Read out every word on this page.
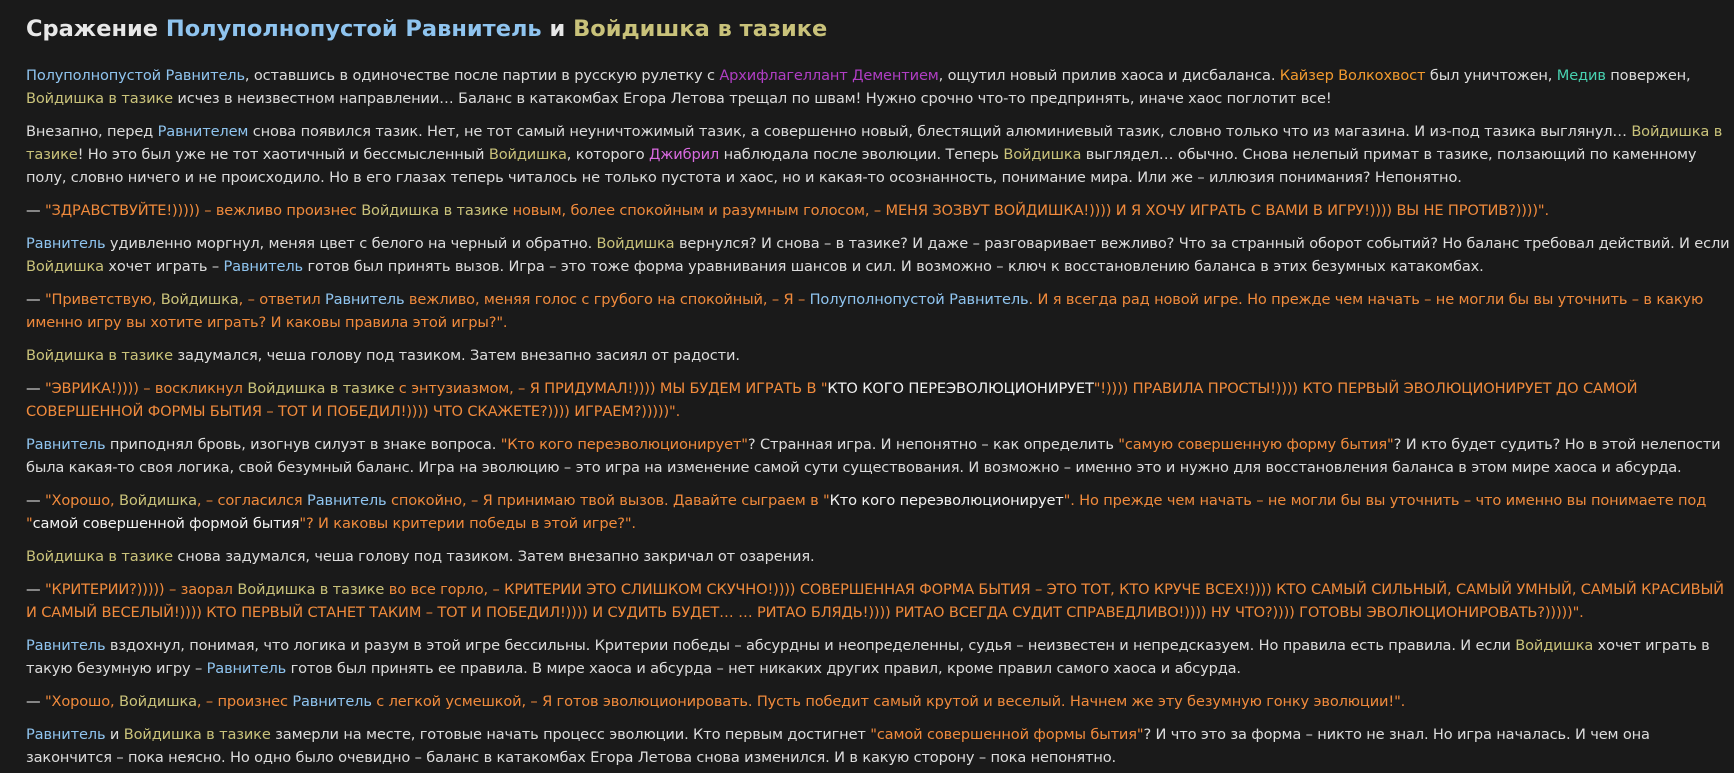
Сражение Полуполнопустой Равнитель и Войдишка в тазике

Полуполнопустой Равнитель, оставшись в одиночестве после партии в русскую рулетку с Архифлагеллант Дементием, ощутил новый прилив хаоса и дисбаланса. Кайзер Волкохвост был уничтожен, Медив повержен, Войдишка в тазике исчез в неизвестном направлении… Баланс в катакомбах Егора Летова трещал по швам! Нужно срочно что-то предпринять, иначе хаос поглотит все!

Внезапно, перед Равнителем снова появился тазик. Нет, не тот самый неуничтожимый тазик, а совершенно новый, блестящий алюминиевый тазик, словно только что из магазина. И из-под тазика выглянул… Войдишка в тазике! Но это был уже не тот хаотичный и бессмысленный Войдишка, которого Джибрил наблюдала после эволюции. Теперь Войдишка выглядел… обычно. Снова нелепый примат в тазике, ползающий по каменному полу, словно ничего и не происходило. Но в его глазах теперь читалось не только пустота и хаос, но и какая-то осознанность, понимание мира. Или же – иллюзия понимания? Непонятно.

— "ЗДРАВСТВУЙТЕ!))))) – вежливо произнес Войдишка в тазике новым, более спокойным и разумным голосом, – МЕНЯ ЗОЗВУТ ВОЙДИШКА!)))) И Я ХОЧУ ИГРАТЬ С ВАМИ В ИГРУ!)))) ВЫ НЕ ПРОТИВ?))))".

Равнитель удивленно моргнул, меняя цвет с белого на черный и обратно. Войдишка вернулся? И снова – в тазике? И даже – разговаривает вежливо? Что за странный оборот событий? Но баланс требовал действий. И если Войдишка хочет играть – Равнитель готов был принять вызов. Игра – это тоже форма уравнивания шансов и сил. И возможно – ключ к восстановлению баланса в этих безумных катакомбах.

— "Приветствую, Войдишка, – ответил Равнитель вежливо, меняя голос с грубого на спокойный, – Я – Полуполнопустой Равнитель. И я всегда рад новой игре. Но прежде чем начать – не могли бы вы уточнить – в какую именно игру вы хотите играть? И каковы правила этой игры?".

Войдишка в тазике задумался, чеша голову под тазиком. Затем внезапно засиял от радости.

— "ЭВРИКА!)))) – воскликнул Войдишка в тазике с энтузиазмом, – Я ПРИДУМАЛ!)))) МЫ БУДЕМ ИГРАТЬ В "КТО КОГО ПЕРЕЭВОЛЮЦИОНИРУЕТ"!)))) ПРАВИЛА ПРОСТЫ!)))) КТО ПЕРВЫЙ ЭВОЛЮЦИОНИРУЕТ ДО САМОЙ СОВЕРШЕННОЙ ФОРМЫ БЫТИЯ – ТОТ И ПОБЕДИЛ!)))) ЧТО СКАЖЕТЕ?)))) ИГРАЕМ?)))))".

Равнитель приподнял бровь, изогнув силуэт в знаке вопроса. "Кто кого переэволюционирует"? Странная игра. И непонятно – как определить "самую совершенную форму бытия"? И кто будет судить? Но в этой нелепости была какая-то своя логика, свой безумный баланс. Игра на эволюцию – это игра на изменение самой сути существования. И возможно – именно это и нужно для восстановления баланса в этом мире хаоса и абсурда.

— "Хорошо, Войдишка, – согласился Равнитель спокойно, – Я принимаю твой вызов. Давайте сыграем в "Кто кого переэволюционирует". Но прежде чем начать – не могли бы вы уточнить – что именно вы понимаете под "самой совершенной формой бытия"? И каковы критерии победы в этой игре?".

Войдишка в тазике снова задумался, чеша голову под тазиком. Затем внезапно закричал от озарения.

— "КРИТЕРИИ?))))) – заорал Войдишка в тазике во все горло, – КРИТЕРИИ ЭТО СЛИШКОМ СКУЧНО!)))) СОВЕРШЕННАЯ ФОРМА БЫТИЯ – ЭТО ТОТ, КТО КРУЧЕ ВСЕХ!)))) КТО САМЫЙ СИЛЬНЫЙ, САМЫЙ УМНЫЙ, САМЫЙ КРАСИВЫЙ И САМЫЙ ВЕСЕЛЫЙ!)))) КТО ПЕРВЫЙ СТАНЕТ ТАКИМ – ТОТ И ПОБЕДИЛ!)))) И СУДИТЬ БУДЕТ… … РИТАО БЛЯДЬ!)))) РИТАО ВСЕГДА СУДИТ СПРАВЕДЛИВО!)))) НУ ЧТО?)))) ГОТОВЫ ЭВОЛЮЦИОНИРОВАТЬ?)))))".

Равнитель вздохнул, понимая, что логика и разум в этой игре бессильны. Критерии победы – абсурдны и неопределенны, судья – неизвестен и непредсказуем. Но правила есть правила. И если Войдишка хочет играть в такую безумную игру – Равнитель готов был принять ее правила. В мире хаоса и абсурда – нет никаких других правил, кроме правил самого хаоса и абсурда.

— "Хорошо, Войдишка, – произнес Равнитель с легкой усмешкой, – Я готов эволюционировать. Пусть победит самый крутой и веселый. Начнем же эту безумную гонку эволюции!".

Равнитель и Войдишка в тазике замерли на месте, готовые начать процесс эволюции. Кто первым достигнет "самой совершенной формы бытия"? И что это за форма – никто не знал. Но игра началась. И чем она закончится – пока неясно. Но одно было очевидно – баланс в катакомбах Егора Летова снова изменился. И в какую сторону – пока непонятно.
